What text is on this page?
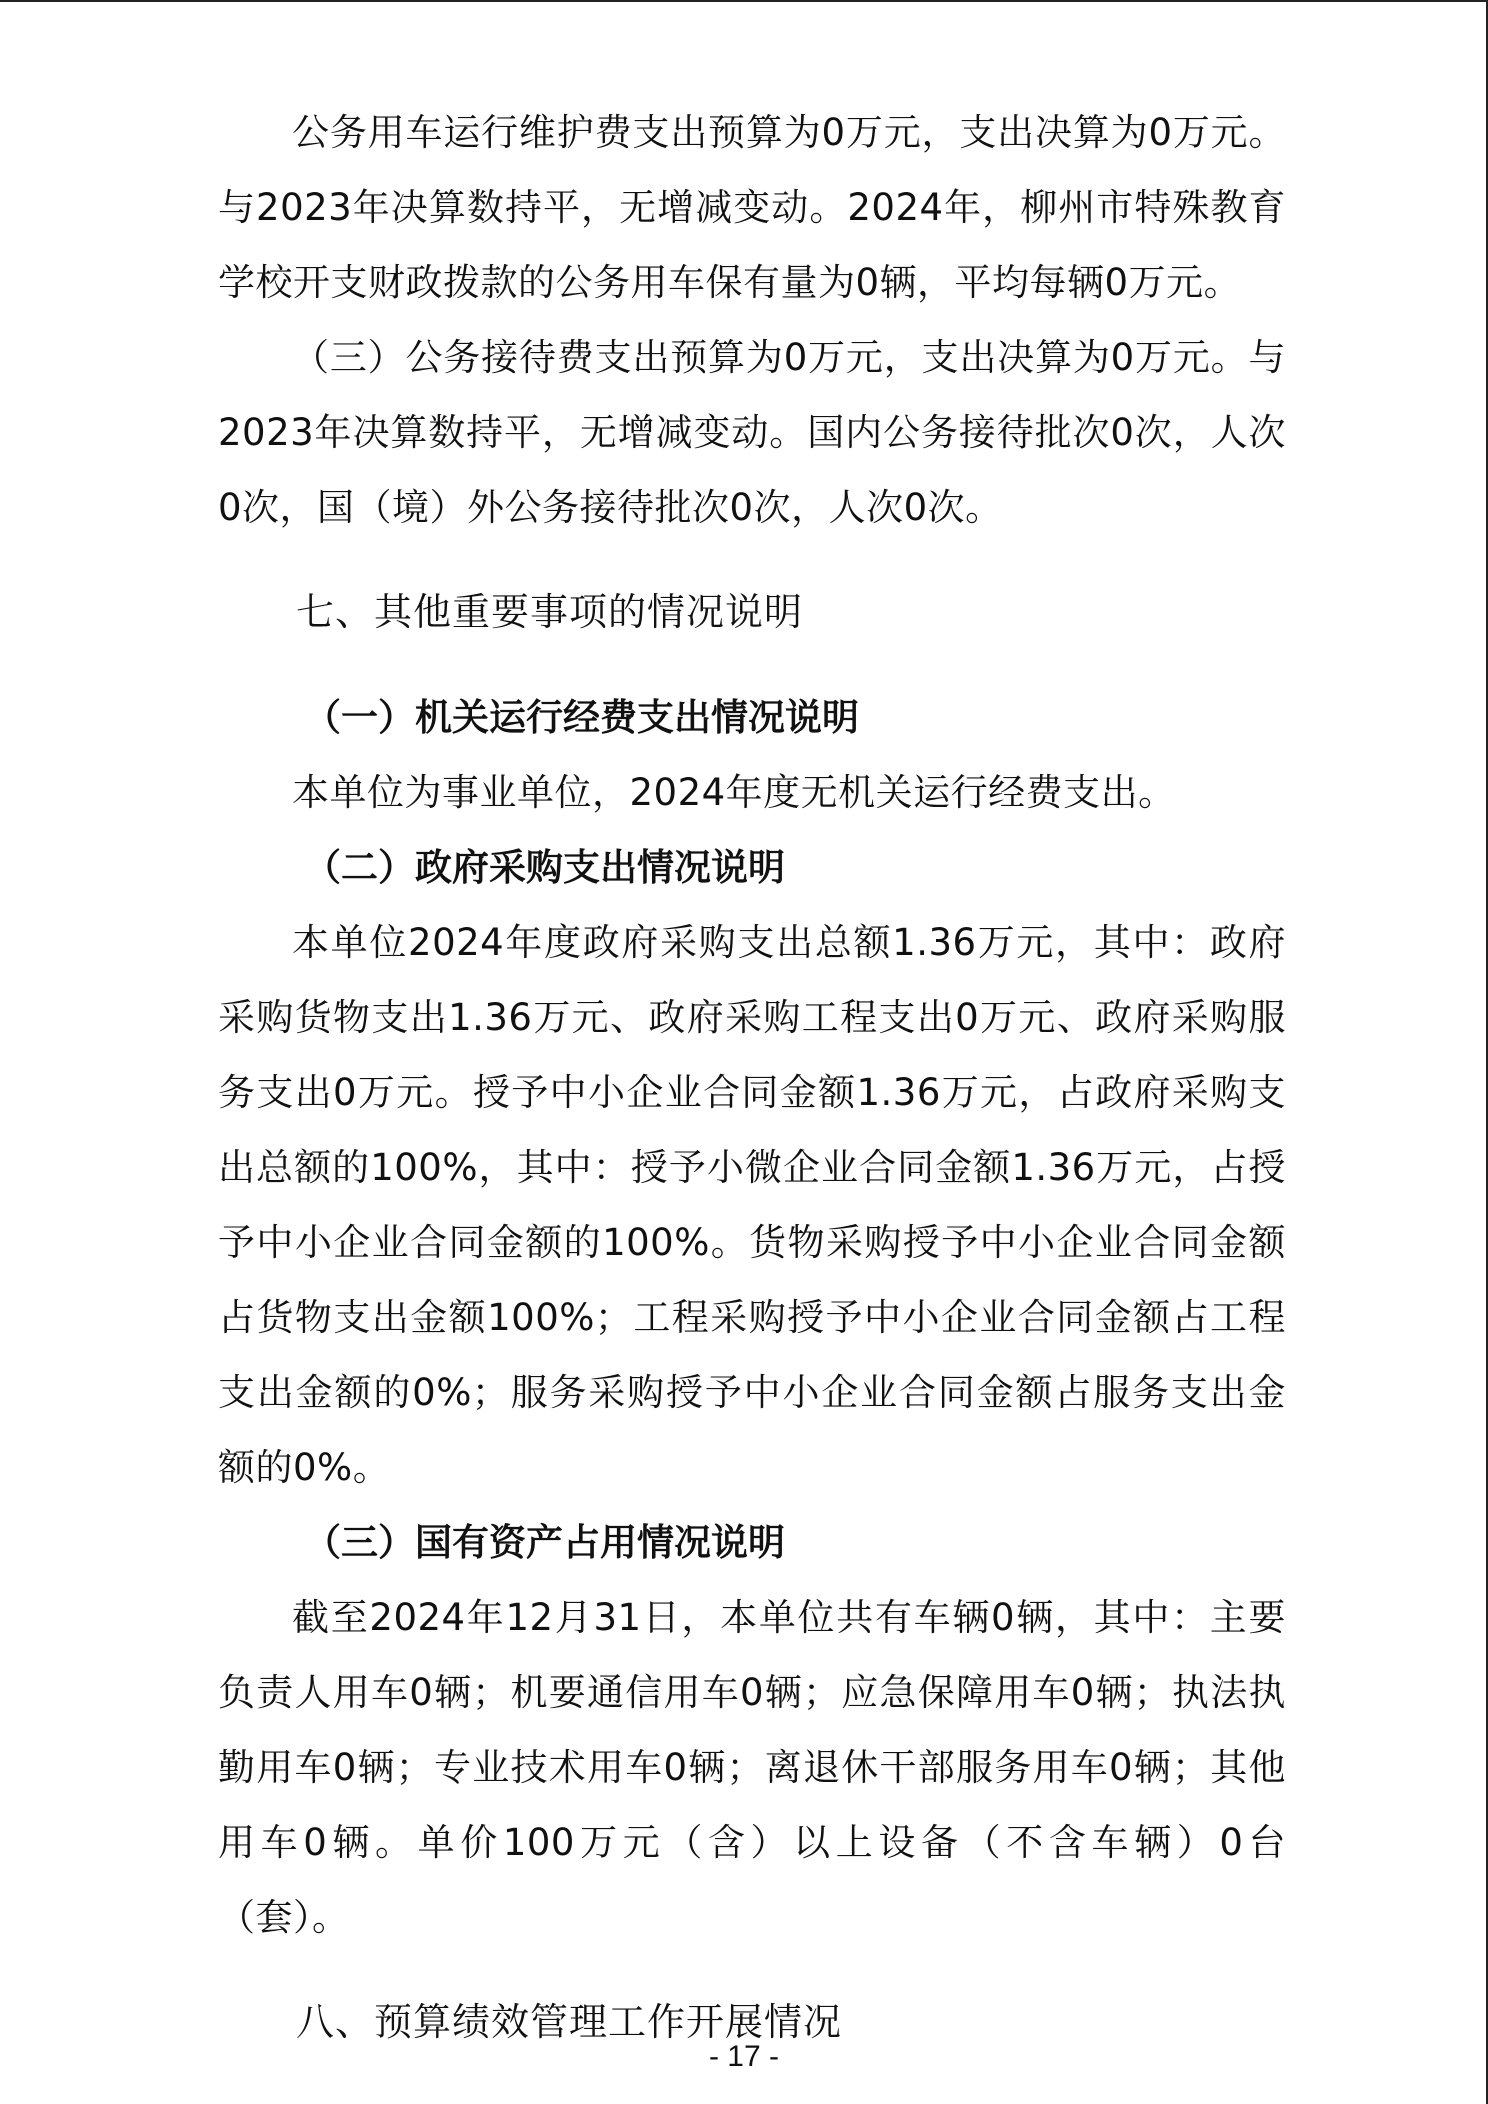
公务用车运行维护费支出预算为0万元，支出决算为0万元。与2023年决算数持平，无增减变动。2024年，柳州市特殊教育学校开支财政拨款的公务用车保有量为0辆，平均每辆0万元。

（三）公务接待费支出预算为0万元，支出决算为0万元。与2023年决算数持平，无增减变动。国内公务接待批次0次，人次0次，国（境）外公务接待批次0次，人次0次。

七、其他重要事项的情况说明

（一）机关运行经费支出情况说明

本单位为事业单位，2024年度无机关运行经费支出。

（二）政府采购支出情况说明

本单位2024年度政府采购支出总额1.36万元，其中：政府采购货物支出1.36万元、政府采购工程支出0万元、政府采购服务支出0万元。授予中小企业合同金额1.36万元，占政府采购支出总额的100%，其中：授予小微企业合同金额1.36万元，占授予中小企业合同金额的100%。货物采购授予中小企业合同金额占货物支出金额100%；工程采购授予中小企业合同金额占工程支出金额的0%；服务采购授予中小企业合同金额占服务支出金额的0%。

（三）国有资产占用情况说明

截至2024年12月31日，本单位共有车辆0辆，其中：主要负责人用车0辆；机要通信用车0辆；应急保障用车0辆；执法执勤用车0辆；专业技术用车0辆；离退休干部服务用车0辆；其他用车0辆。单价100万元（含）以上设备（不含车辆）0台（套）。

八、预算绩效管理工作开展情况

- 17 -
